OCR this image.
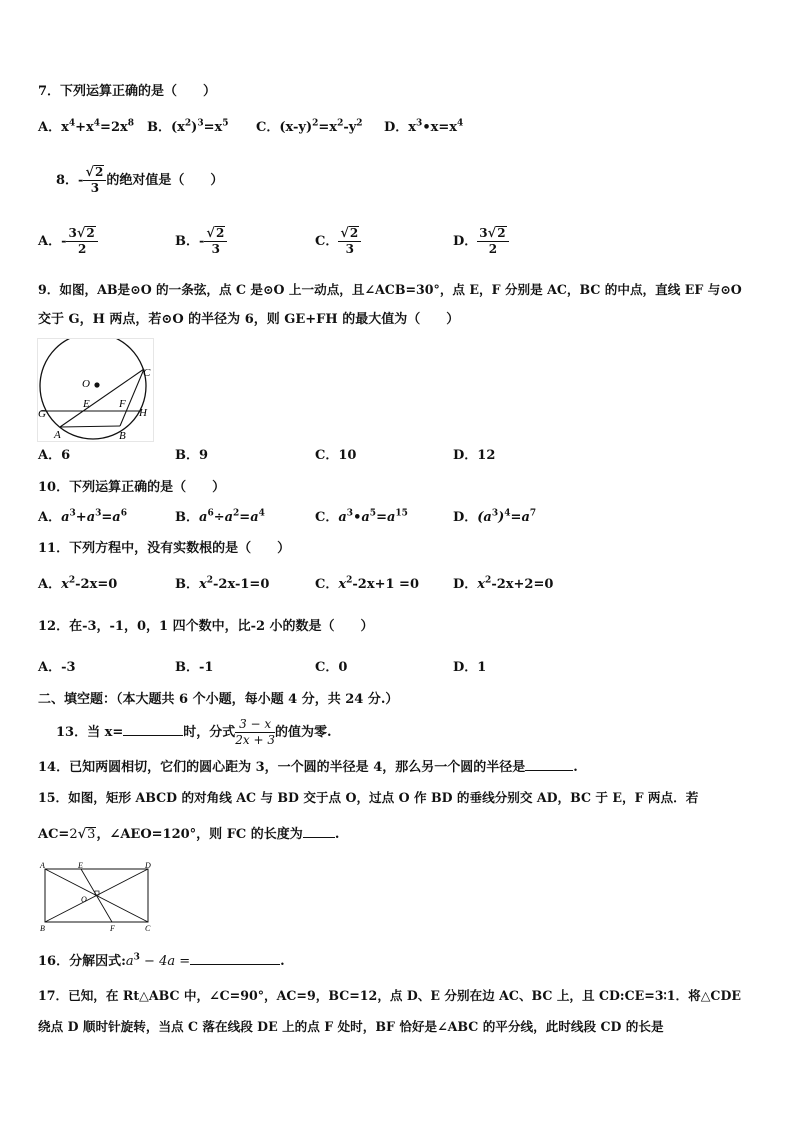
7．下列运算正确的是（　　）
A．$x^4+x^4=2x^8$ B．$(x^2)^3=x^5$ C．$(x-y)^2=x^2-y^2$ D．$x^3•x=x^4$
8．- $\frac{√2}{3}$ 的绝对值是（　　）
A．- $\frac{3√2}{2}$	B．- $\frac{√2}{3}$	C． $\frac{√2}{3}$	D． $\frac{3√2}{2}$
9．如图，AB是⊙O 的一条弦，点 C 是⊙O 上一动点，且∠ACB=30°，点 E，F 分别是 AC，BC 的中点，直线 EF 与⊙O
交于 G，H 两点，若⊙O 的半径为 6，则 GE+FH 的最大值为（　　）
O
C
E	F
G	H
A	B
A．6	B．9	C．10	D．12
10．下列运算正确的是（　　）
A．$a^3+a^3=a^6$	B．$a^6\div a^2=a^4$	C．$a^3•a^5=a^{15}$	D．$(a^3)^4=a^7$
11．下列方程中，没有实数根的是（　　）
A．$x^2-2x=0$	B．$x^2-2x-1=0$	C．$x^2-2x+1 =0$	D．$x^2-2x+2=0$
12．在-3，-1，0，1 四个数中，比-2 小的数是（　　）
A．-3	B．-1	C．0	D．1
二、填空题：（本大题共 6 个小题，每小题 4 分，共 24 分.）
13．当 x=	时，分式 $\frac{3 - x}{2x + 3}$ 的值为零.
14．已知两圆相切，它们的圆心距为 3，一个圆的半径是 4，那么另一个圆的半径是	.
15．如图，矩形 ABCD 的对角线 AC 与 BD 交于点 O，过点 O 作 BD 的垂线分别交 AD，BC 于 E，F 两点．若
AC=2√3，∠AEO=120°，则 FC 的长度为 .
A	E	D
O
B	F	C
16．分解因式$:a^3 - 4a$ =	.
17．已知，在 Rt△ABC 中，∠C=90°，AC=9，BC=12，点 D、E 分别在边 AC、BC 上，且 CD:CE=3∶1．将△CDE
绕点 D 顺时针旋转，当点 C 落在线段 DE 上的点 F 处时，BF 恰好是∠ABC 的平分线，此时线段 CD 的长是
